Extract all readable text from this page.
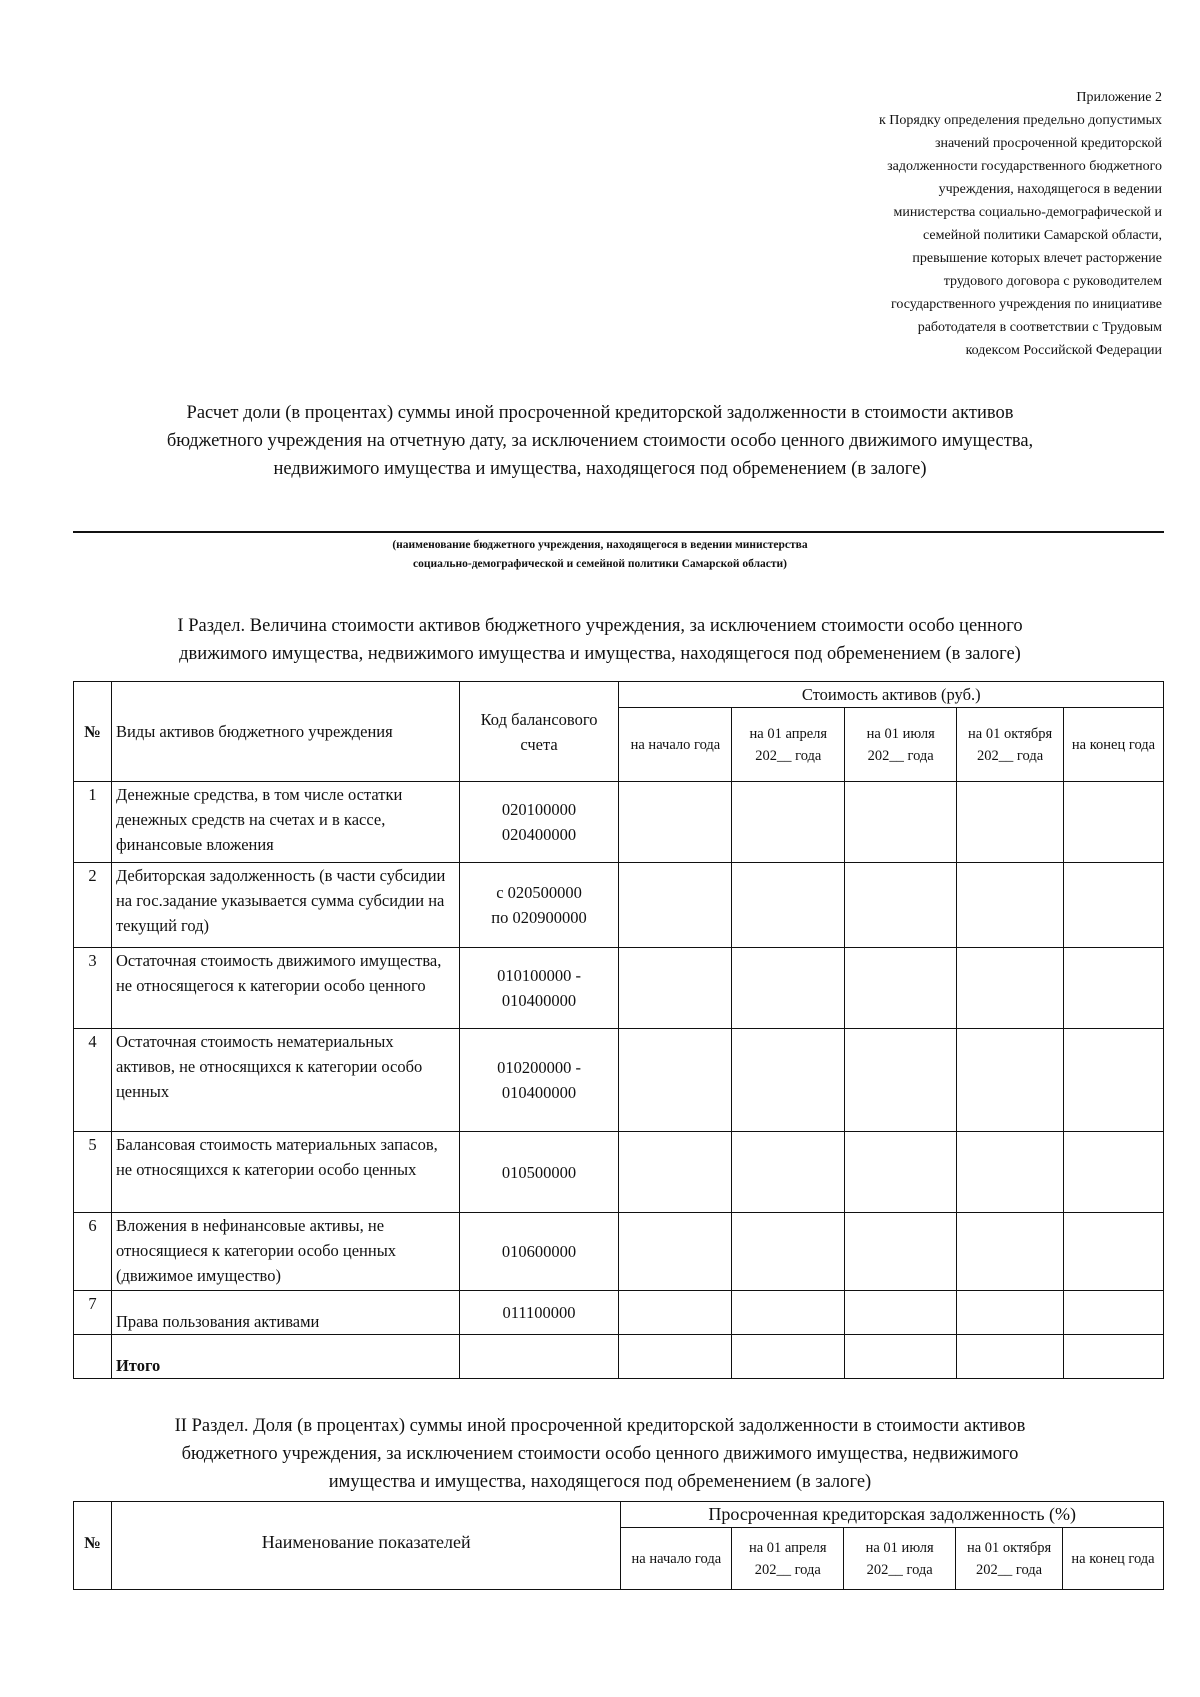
Приложение 2
к Порядку определения предельно допустимых
значений просроченной кредиторской
задолженности государственного бюджетного
учреждения, находящегося в ведении
министерства социально-демографической и
семейной политики Самарской области,
превышение которых влечет расторжение
трудового договора с руководителем
государственного учреждения по инициативе
работодателя в соответствии с Трудовым
кодексом Российской Федерации
Расчет доли (в процентах) суммы иной просроченной кредиторской задолженности в стоимости активов
бюджетного учреждения на отчетную дату, за исключением стоимости особо ценного движимого имущества,
недвижимого имущества и имущества, находящегося под обременением (в залоге)
(наименование бюджетного учреждения, находящегося в ведении министерства
социально-демографической и семейной политики Самарской области)
I Раздел. Величина стоимости активов бюджетного учреждения, за исключением стоимости особо ценного
движимого имущества, недвижимого имущества и имущества, находящегося под обременением (в залоге)
№	Виды активов бюджетного учреждения	Код балансового счета	Стоимость активов (руб.)				
			на начало года	на 01 апреля 202__ года	на 01 июля 202__ года	на 01 октября 202__ года	на конец года
1	Денежные средства, в том числе остатки денежных средств на счетах и в кассе, финансовые вложения	020100000
020400000					

2	Дебиторская задолженность (в части субсидии на гос.задание указывается сумма субсидии на текущий год)	с 020500000
по 020900000					

3	Остаточная стоимость движимого имущества, не относящегося к категории особо ценного	010100000 -
010400000					

4	Остаточная стоимость нематериальных активов, не относящихся к категории особо ценных	010200000 -
010400000					

5	Балансовая стоимость материальных запасов, не относящихся к категории особо ценных	010500000					

6	Вложения в нефинансовые активы, не относящиеся к категории особо ценных (движимое имущество)	010600000					

7	Права пользования активами	011100000					

	Итого						
II Раздел. Доля (в процентах) суммы иной просроченной кредиторской задолженности в стоимости активов
бюджетного учреждения, за исключением стоимости особо ценного движимого имущества, недвижимого
имущества и имущества, находящегося под обременением (в залоге)
№	Наименование показателей	Просроченная кредиторская задолженность (%)				
		на начало года	на 01 апреля 202__ года	на 01 июля 202__ года	на 01 октября 202__ года	на конец года
